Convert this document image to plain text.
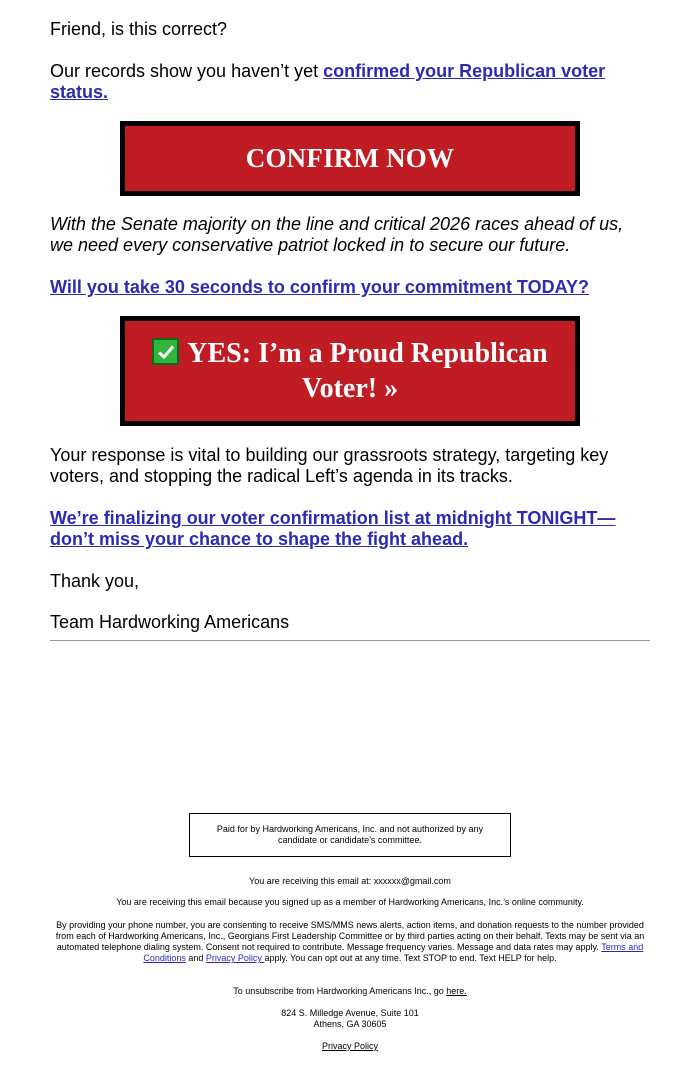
Friend, is this correct?

Our records show you haven’t yet confirmed your Republican voter status.

CONFIRM NOW

With the Senate majority on the line and critical 2026 races ahead of us, we need every conservative patriot locked in to secure our future.

Will you take 30 seconds to confirm your commitment TODAY?

YES: I’m a Proud Republican Voter! »

Your response is vital to building our grassroots strategy, targeting key voters, and stopping the radical Left’s agenda in its tracks.

We’re finalizing our voter confirmation list at midnight TONIGHT—don’t miss your chance to shape the fight ahead.

Thank you,

Team Hardworking Americans

Paid for by Hardworking Americans, Inc. and not authorized by any candidate or candidate’s committee.

You are receiving this email at: xxxxxx@gmail.com

You are receiving this email because you signed up as a member of Hardworking Americans, Inc.’s online community.

By providing your phone number, you are consenting to receive SMS/MMS news alerts, action items, and donation requests to the number provided from each of Hardworking Americans, Inc., Georgians First Leadership Committee or by third parties acting on their behalf. Texts may be sent via an automated telephone dialing system. Consent not required to contribute. Message frequency varies. Message and data rates may apply. Terms and Conditions and Privacy Policy apply. You can opt out at any time. Text STOP to end. Text HELP for help.

To unsubscribe from Hardworking Americans Inc., go here.

824 S. Milledge Avenue, Suite 101

Athens, GA 30605

Privacy Policy
